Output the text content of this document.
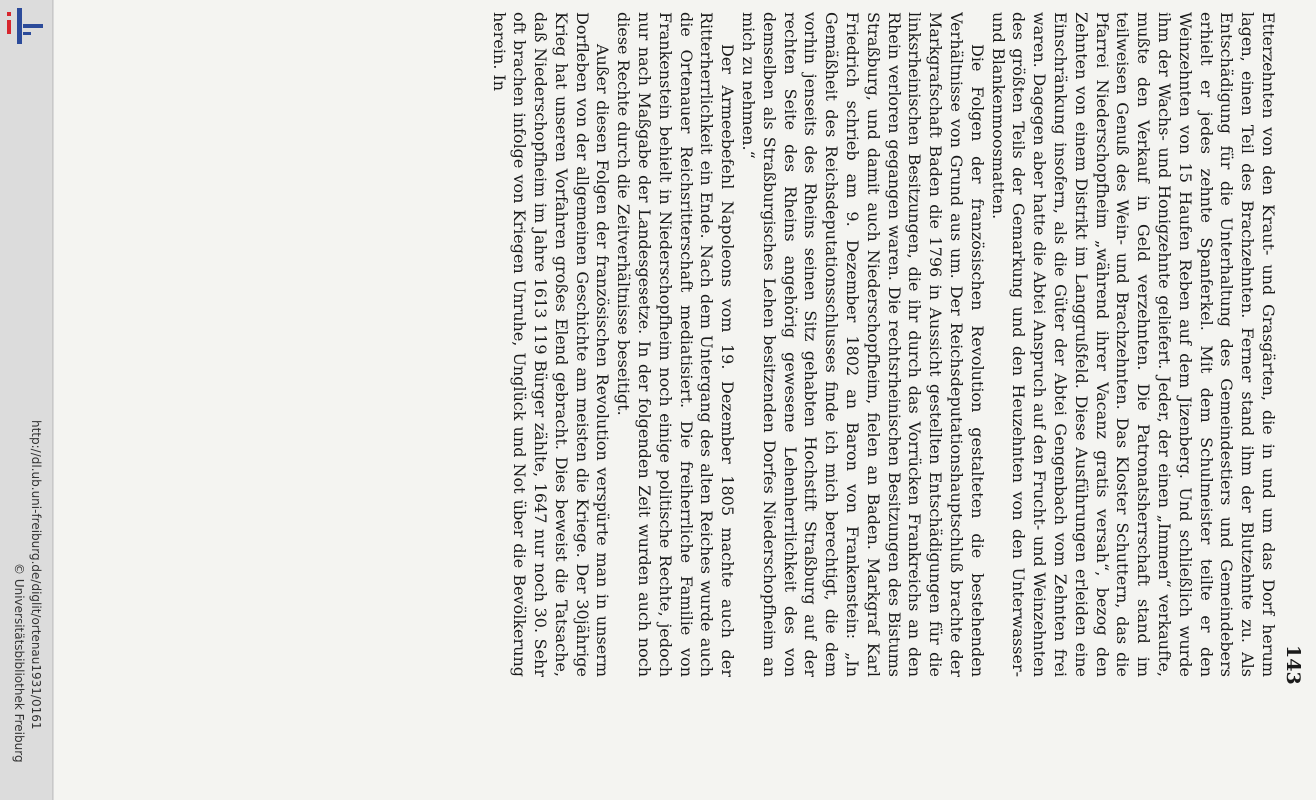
http://dl.ub.uni-freiburg.de/diglit/ortenau1931/0161
© Universitätsbibliothek Freiburg	143

Etterzehnten von den Kraut- und Grasgärten, die in und um das Dorf herum lagen, einen Teil des Brachzehnten. Ferner stand ihm der Blutzehnte zu. Als Entschädigung für die Unterhaltung des Gemeindestiers und Gemeindebers erhielt er jedes zehnte Spanferkel. Mit dem Schulmeister teilte er den Weinzehnten von 15 Haufen Reben auf dem Jizenberg. Und schließlich wurde ihm der Wachs- und Honigzehnte geliefert. Jeder, der einen „Immen“ verkaufte, mußte den Verkauf in Geld verzehnten. Die Patronatsherrschaft stand im teilweisen Genuß des Wein- und Brachzehnten. Das Kloster Schuttern, das die Pfarrei Niederschopfheim „während ihrer Vacanz gratis versah“, bezog den Zehnten von einem Distrikt im Langgrußfeld. Diese Ausführungen erleiden eine Einschränkung insofern, als die Güter der Abtei Gengenbach vom Zehnten frei waren. Dagegen aber hatte die Abtei Anspruch auf den Frucht- und Weinzehnten des größten Teils der Gemarkung und den Heuzehnten von den Unterwasser- und Blankenmoosmatten.

Die Folgen der französischen Revolution gestalteten die bestehenden Verhältnisse von Grund aus um. Der Reichsdeputationshauptschluß brachte der Markgrafschaft Baden die 1796 in Aussicht gestellten Entschädigungen für die linksrheinischen Besitzungen, die ihr durch das Vorrücken Frankreichs an den Rhein verloren gegangen waren. Die rechtsrheinischen Besitzungen des Bistums Straßburg, und damit auch Niederschopfheim, fielen an Baden. Markgraf Karl Friedrich schrieb am 9. Dezember 1802 an Baron von Frankenstein: „In Gemäßheit des Reichsdeputationsschlusses finde ich mich berechtigt, die dem vorhin jenseits des Rheins seinen Sitz gehabten Hochstift Straßburg auf der rechten Seite des Rheins angehörig gewesene Lehenherrlichkeit des von demselben als Straßburgisches Lehen besitzenden Dorfes Niederschopfheim an mich zu nehmen.“

Der Armeebefehl Napoleons vom 19. Dezember 1805 machte auch der Ritterherrlichkeit ein Ende. Nach dem Untergang des alten Reiches wurde auch die Ortenauer Reichsritterschaft mediatisiert. Die freiherrliche Familie von Frankenstein behielt in Niederschopfheim noch einige politische Rechte, jedoch nur nach Maßgabe der Landesgesetze. In der folgenden Zeit wurden auch noch diese Rechte durch die Zeitverhältnisse beseitigt.

Außer diesen Folgen der französischen Revolution verspürte man in unserm Dorfleben von der allgemeinen Geschichte am meisten die Kriege. Der 30jährige Krieg hat unseren Vorfahren großes Elend gebracht. Dies beweist die Tatsache, daß Niederschopfheim im Jahre 1613 119 Bürger zählte, 1647 nur noch 30. Sehr oft brachen infolge von Kriegen Unruhe, Unglück und Not über die Bevölkerung herein. In
